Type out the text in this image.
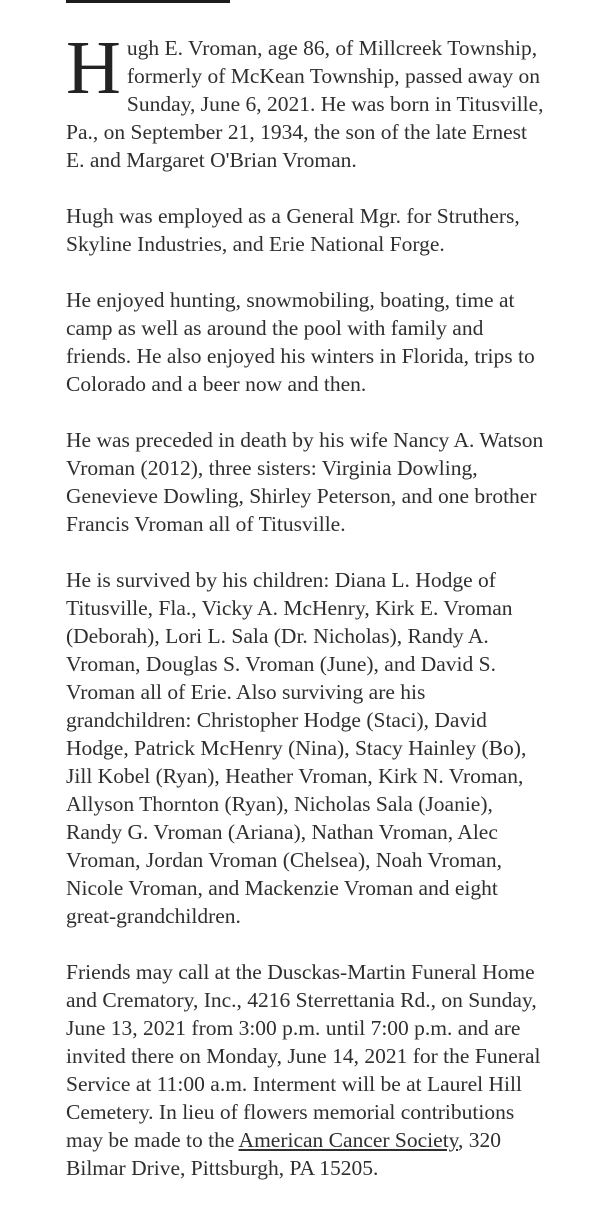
Hugh E. Vroman, age 86, of Millcreek Township, formerly of McKean Township, passed away on Sunday, June 6, 2021. He was born in Titusville, Pa., on September 21, 1934, the son of the late Ernest E. and Margaret O'Brian Vroman.

Hugh was employed as a General Mgr. for Struthers, Skyline Industries, and Erie National Forge.

He enjoyed hunting, snowmobiling, boating, time at camp as well as around the pool with family and friends. He also enjoyed his winters in Florida, trips to Colorado and a beer now and then.

He was preceded in death by his wife Nancy A. Watson Vroman (2012), three sisters: Virginia Dowling, Genevieve Dowling, Shirley Peterson, and one brother Francis Vroman all of Titusville.

He is survived by his children: Diana L. Hodge of Titusville, Fla., Vicky A. McHenry, Kirk E. Vroman (Deborah), Lori L. Sala (Dr. Nicholas), Randy A. Vroman, Douglas S. Vroman (June), and David S. Vroman all of Erie. Also surviving are his grandchildren: Christopher Hodge (Staci), David Hodge, Patrick McHenry (Nina), Stacy Hainley (Bo), Jill Kobel (Ryan), Heather Vroman, Kirk N. Vroman, Allyson Thornton (Ryan), Nicholas Sala (Joanie), Randy G. Vroman (Ariana), Nathan Vroman, Alec Vroman, Jordan Vroman (Chelsea), Noah Vroman, Nicole Vroman, and Mackenzie Vroman and eight great-grandchildren.

Friends may call at the Dusckas-Martin Funeral Home and Crematory, Inc., 4216 Sterrettania Rd., on Sunday, June 13, 2021 from 3:00 p.m. until 7:00 p.m. and are invited there on Monday, June 14, 2021 for the Funeral Service at 11:00 a.m. Interment will be at Laurel Hill Cemetery. In lieu of flowers memorial contributions may be made to the American Cancer Society, 320 Bilmar Drive, Pittsburgh, PA 15205.
